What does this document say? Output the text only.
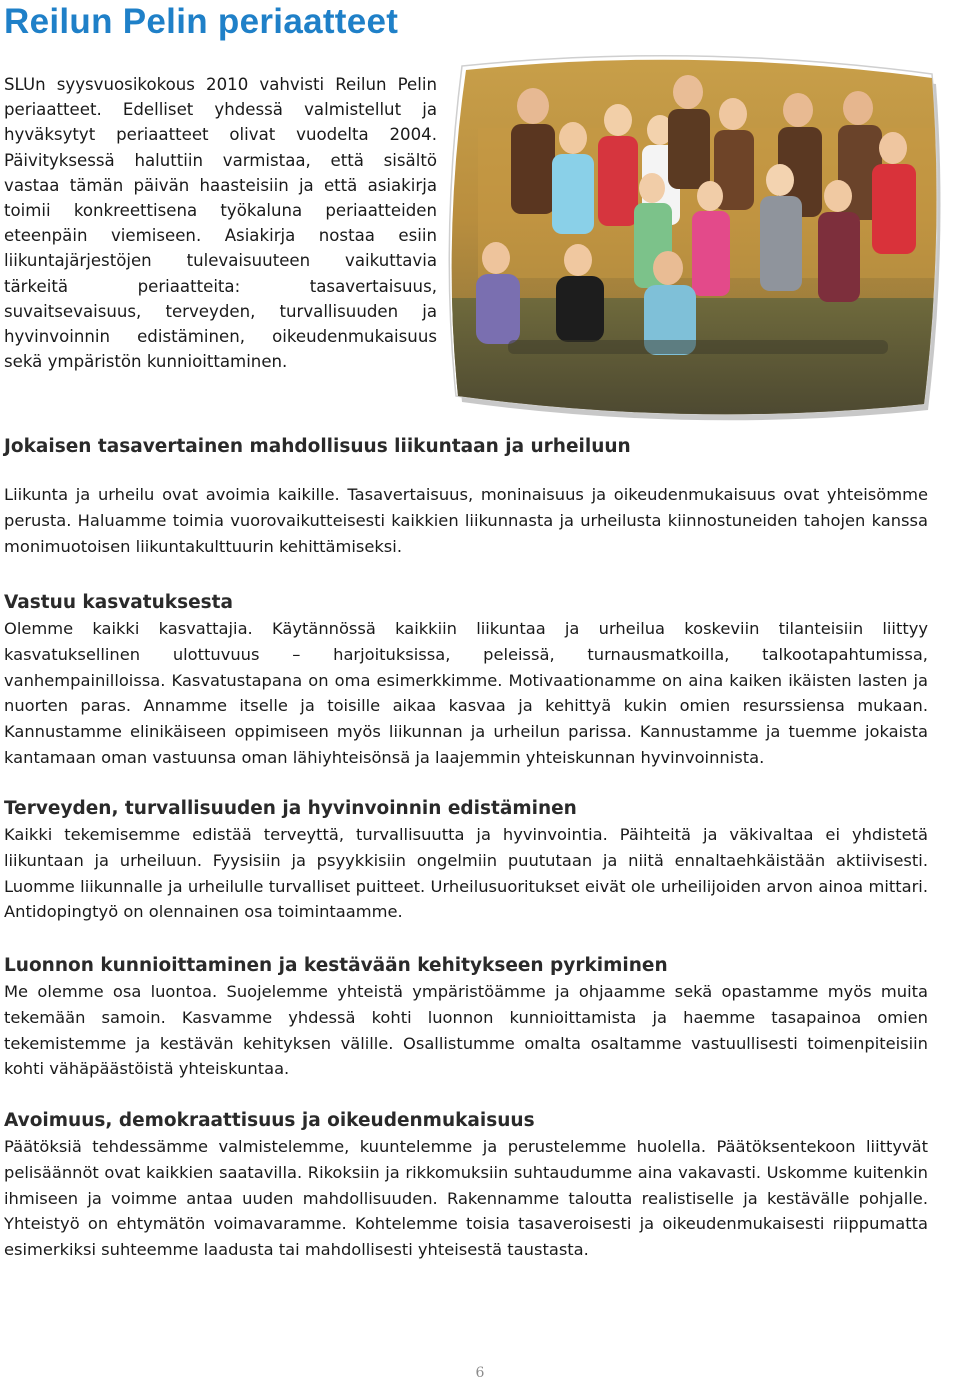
Reilun Pelin periaatteet

SLUn syysvuosikokous 2010 vahvisti Reilun Pelin periaatteet. Edelliset yhdessä valmistellut ja hyväksytyt periaatteet olivat vuodelta 2004. Päivityksessä haluttiin varmistaa, että sisältö vastaa tämän päivän haasteisiin ja että asiakirja toimii konkreettisena työkaluna periaatteiden eteenpäin viemiseen. Asiakirja nostaa esiin liikuntajärjestöjen tulevaisuuteen vaikuttavia tärkeitä periaatteita: tasavertaisuus, suvaitsevaisuus, terveyden, turvallisuuden ja hyvinvoinnin edistäminen, oikeudenmukaisuus sekä ympäristön kunnioittaminen.

Jokaisen tasavertainen mahdollisuus liikuntaan ja urheiluun

Liikunta ja urheilu ovat avoimia kaikille. Tasavertaisuus, moninaisuus ja oikeudenmukaisuus ovat yhteisömme perusta. Haluamme toimia vuorovaikutteisesti kaikkien liikunnasta ja urheilusta kiinnostuneiden tahojen kanssa monimuotoisen liikuntakulttuurin kehittämiseksi.

Vastuu kasvatuksesta

Olemme kaikki kasvattajia. Käytännössä kaikkiin liikuntaa ja urheilua koskeviin tilanteisiin liittyy kasvatuksellinen ulottuvuus – harjoituksissa, peleissä, turnausmatkoilla, talkootapahtumissa, vanhempainilloissa. Kasvatustapana on oma esimerkkimme. Motivaationamme on aina kaiken ikäisten lasten ja nuorten paras. Annamme itselle ja toisille aikaa kasvaa ja kehittyä kukin omien resurssiensa mukaan. Kannustamme elinikäiseen oppimiseen myös liikunnan ja urheilun parissa. Kannustamme ja tuemme jokaista kantamaan oman vastuunsa oman lähiyhteisönsä ja laajemmin yhteiskunnan hyvinvoinnista.

Terveyden, turvallisuuden ja hyvinvoinnin edistäminen

Kaikki tekemisemme edistää terveyttä, turvallisuutta ja hyvinvointia. Päihteitä ja väkivaltaa ei yhdistetä liikuntaan ja urheiluun. Fyysisiin ja psyykkisiin ongelmiin puututaan ja niitä ennaltaehkäistään aktiivisesti. Luomme liikunnalle ja urheilulle turvalliset puitteet. Urheilusuoritukset eivät ole urheilijoiden arvon ainoa mittari. Antidopingtyö on olennainen osa toimintaamme.

Luonnon kunnioittaminen ja kestävään kehitykseen pyrkiminen

Me olemme osa luontoa. Suojelemme yhteistä ympäristöämme ja ohjaamme sekä opastamme myös muita tekemään samoin. Kasvamme yhdessä kohti luonnon kunnioittamista ja haemme tasapainoa omien tekemistemme ja kestävän kehityksen välille. Osallistumme omalta osaltamme vastuullisesti toimenpiteisiin kohti vähäpäästöistä yhteiskuntaa.

Avoimuus, demokraattisuus ja oikeudenmukaisuus

Päätöksiä tehdessämme valmistelemme, kuuntelemme ja perustelemme huolella. Päätöksentekoon liittyvät pelisäännöt ovat kaikkien saatavilla. Rikoksiin ja rikkomuksiin suhtaudumme aina vakavasti. Uskomme kuitenkin ihmiseen ja voimme antaa uuden mahdollisuuden. Rakennamme taloutta realistiselle ja kestävälle pohjalle. Yhteistyö on ehtymätön voimavaramme. Kohtelemme toisia tasaveroisesti ja oikeudenmukaisesti riippumatta esimerkiksi suhteemme laadusta tai mahdollisesti yhteisestä taustasta.

6
